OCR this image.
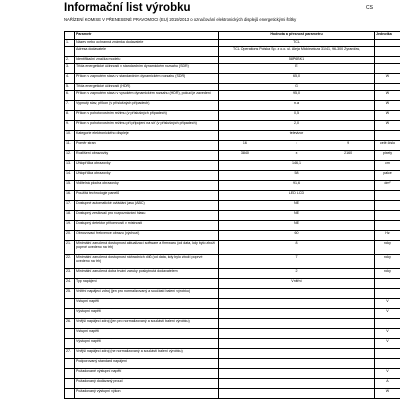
Informační list výrobku	CS
NAŘÍZENÍ KOMISE V PŘENESENÉ PRAVOMOCI (EU) 2019/2013 o označování elektronických displejů energetickými štítky
	Parametr	Hodnota a přesnost parametru	Jednotka
1.	Název nebo ochranná známka dodavatele	TCL	
	Adresa dodavatele	TCL Operations Polska Sp. z o.o. ul. Aleja Mickiewicza 31/41, 96-300 Żyrardów,	
2.	Identifikační značka modelu	58P6BK1	
3.	Třída energetické účinnosti v standardním dynamickém rozsahu (SDR)	E	
4.	Příkon v zapnutém stavu v standardním dynamickém rozsahu (SDR)	65,0	W
5.	Třída energetické účinnosti (HDR)	G	
6.	Příkon v zapnutém stavu v vysokém dynamickém rozsahu (HDR), pokud je zavedení	95,0	W
7.	Vypnutý stav, příkon (v příslušných případech)	n.a	W
8.	Příkon v pohotovostním režimu (v příslušných případech)	0,5	W
9.	Příkon v pohotovostním režimu při připojení na síť (v příslušných případech)	2,0	W
10.	Kategorie elektronického displeje	televizor	
11.	Poměr stran	16 : 9	celé číslo
12.	Rozlišení obrazovky	3840 x 2160	pixely
13.	Úhlopříčka obrazovky	146,1	cm
14.	Úhlopříčka obrazovky	58	palce
15.	Viditelná plocha obrazovky	91,6	dm²
16.	Použitá technologie panelů	LED LCD	
17.	Dostupné automatické ovládání jasu (ABC)	NE	
18.	Dostupný zesilovač pro rozpoznávání hlasu	NE	
19.	Dostupný detektor přítomnosti v místnosti	NE	
20.	Obnovovací frekvence obrazu (výchozí)	60	Hz
21.	Minimální zaručená dostupnost aktualizací software a firmwaru (od data, kdy bylo zboží poprvé uvedeno na trh)	8	roky
22.	Minimální zaručená dostupnost náhradních dílů (od data, kdy bylo zboží poprvé uvedeno na trh)	7	roky
23.	Minimální zaručená doba trvání zaruky poskytnutá dodavatelem	2	roky
24.	Typ napájení	Vnitřní	
25.	Vnitřní napájecí zdroj (jen pro normalizovaný a součástí balení výrobku)		
	Vstupní napětí		V
	Výstupní napětí		V
26.	Vnější napájecí zdroj (jen pro normalizovaný a součástí balení výrobku)		
	Vstupní napětí		V
	Výstupní napětí		V
27.	Vnější napájecí zdroj (ne normalizovaný a součástí balení výrobku)		
	Podporovaný standard napájení		
	Požadované výstupní napětí		V
	Požadovaný dodávaný proud		A
	Požadovaný výstupní výkon		W
